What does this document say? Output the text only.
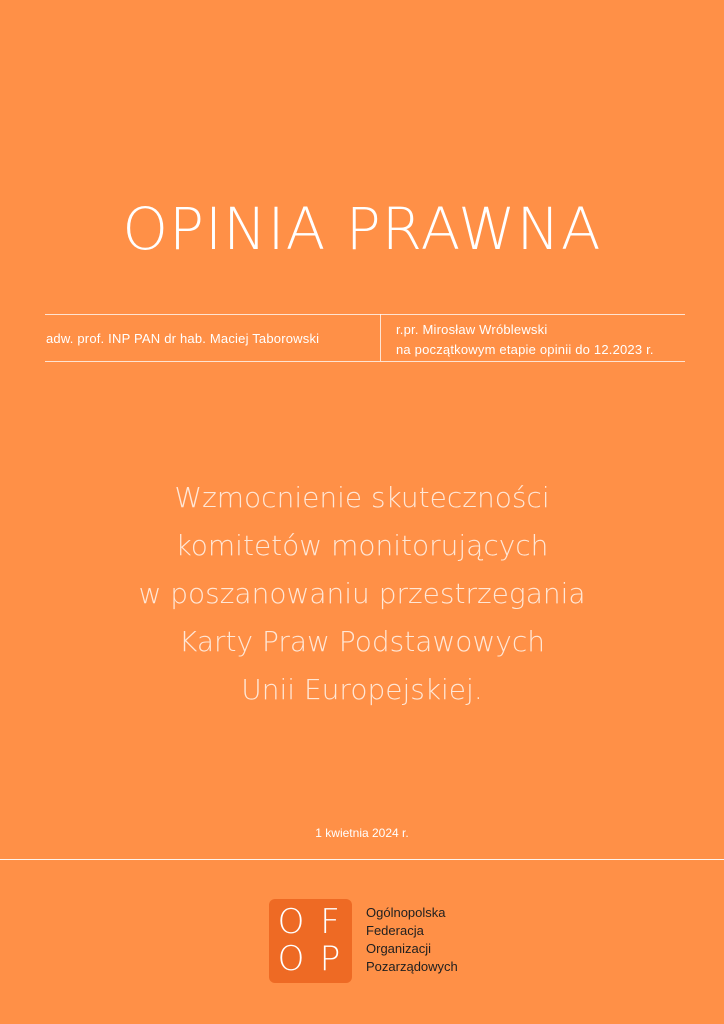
OPINIA PRAWNA
adw. prof. INP PAN dr hab. Maciej Taborowski
r.pr. Mirosław Wróblewski
na początkowym etapie opinii do 12.2023 r.
Wzmocnienie skuteczności
komitetów monitorujących
w poszanowaniu przestrzegania
Karty Praw Podstawowych
Unii Europejskiej.
1 kwietnia 2024 r.
O F
O P
Ogólnopolska
Federacja
Organizacji
Pozarządowych
